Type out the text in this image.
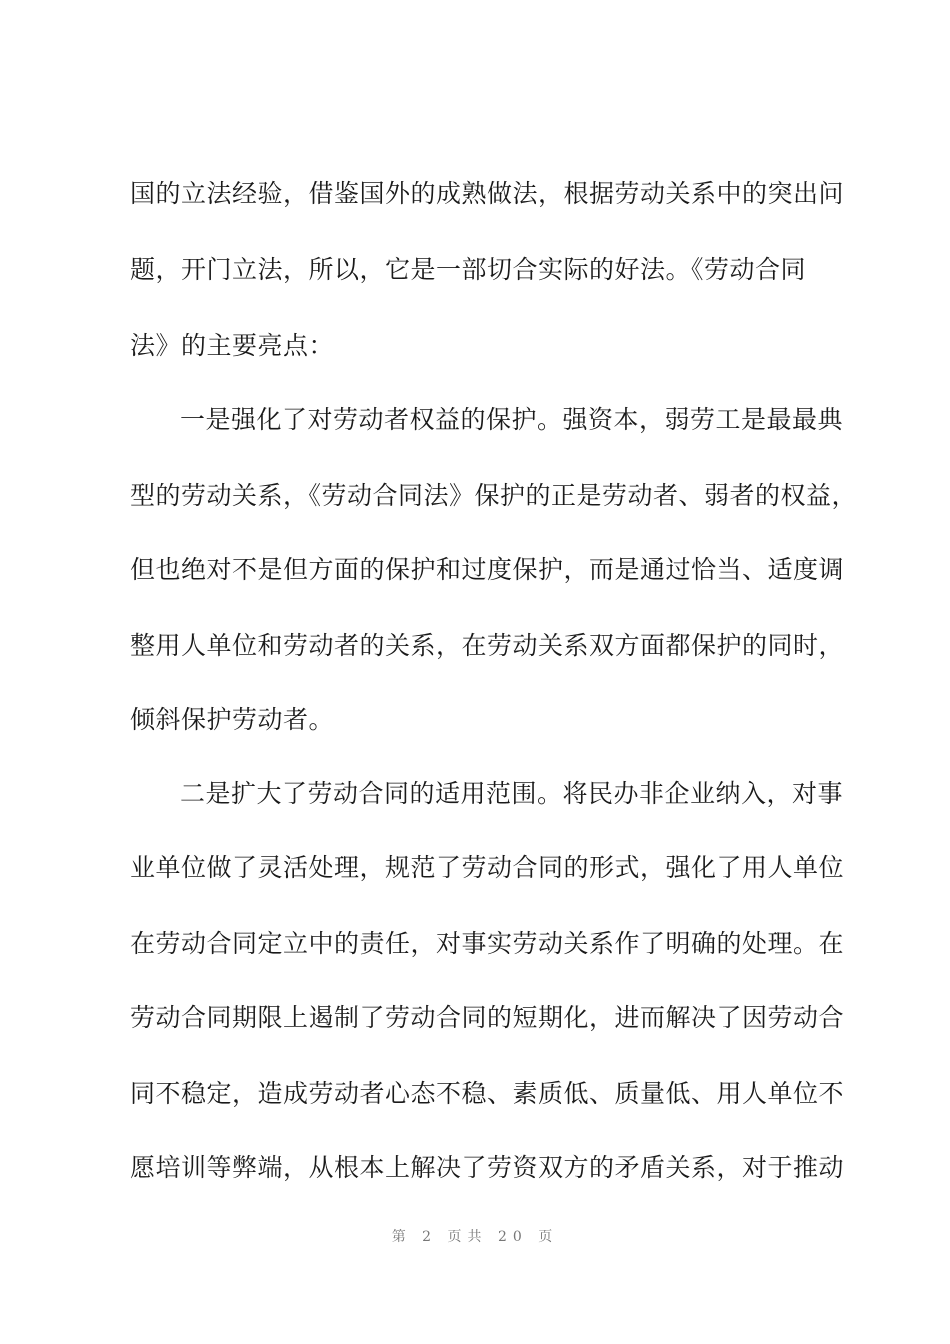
国的立法经验，借鉴国外的成熟做法，根据劳动关系中的突出问
题，开门立法，所以，它是一部切合实际的好法。《劳动合同
法》的主要亮点：
一是强化了对劳动者权益的保护。强资本，弱劳工是最最典
型的劳动关系，《劳动合同法》保护的正是劳动者、弱者的权益，
但也绝对不是但方面的保护和过度保护，而是通过恰当、适度调
整用人单位和劳动者的关系，在劳动关系双方面都保护的同时，
倾斜保护劳动者。
二是扩大了劳动合同的适用范围。将民办非企业纳入，对事
业单位做了灵活处理，规范了劳动合同的形式，强化了用人单位
在劳动合同定立中的责任，对事实劳动关系作了明确的处理。在
劳动合同期限上遏制了劳动合同的短期化，进而解决了因劳动合
同不稳定，造成劳动者心态不稳、素质低、质量低、用人单位不
愿培训等弊端，从根本上解决了劳资双方的矛盾关系，对于推动
第 2 页共 20 页
